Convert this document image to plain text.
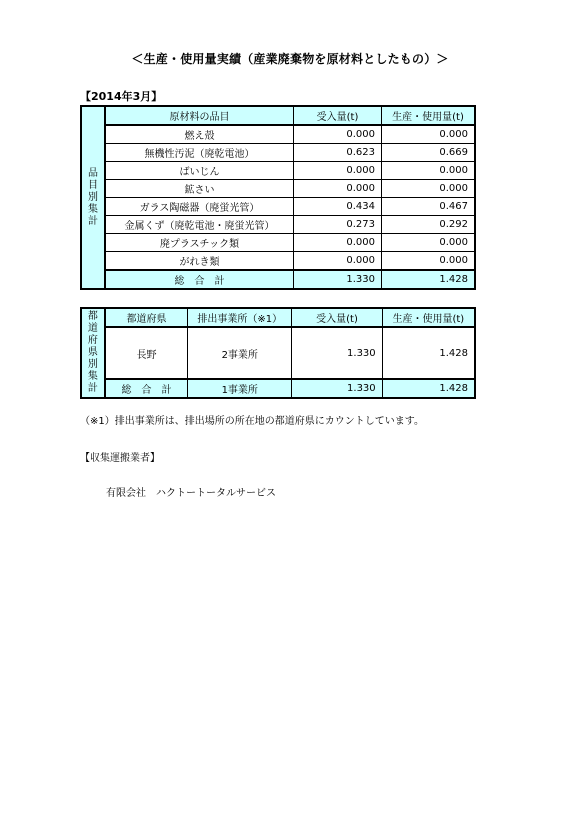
＜生産・使用量実績（産業廃棄物を原材料としたもの）＞
【2014年3月】
品目別集計	原材料の品目	受入量(t)	生産・使用量(t)
	燃え殻	0.000	0.000
	無機性汚泥（廃乾電池）	0.623	0.669
	ばいじん	0.000	0.000
	鉱さい	0.000	0.000
	ガラス陶磁器（廃蛍光管）	0.434	0.467
	金属くず（廃乾電池・廃蛍光管）	0.273	0.292
	廃プラスチック類	0.000	0.000
	がれき類	0.000	0.000
	総　合　計	1.330	1.428
都道府県別集計	都道府県	排出事業所（※1）	受入量(t)	生産・使用量(t)
	長野	2事業所	1.330	1.428
	総　合　計	1事業所	1.330	1.428
（※1）排出事業所は、排出場所の所在地の都道府県にカウントしています。
【収集運搬業者】
有限会社　ハクトートータルサービス
